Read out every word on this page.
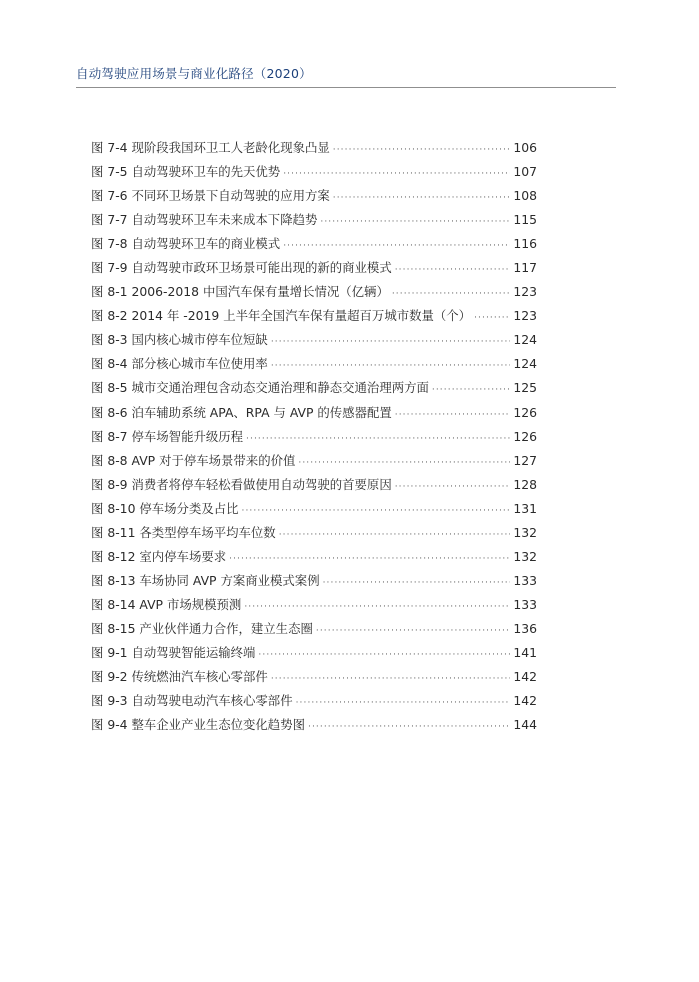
自动驾驶应用场景与商业化路径（2020）
图 7-4 现阶段我国环卫工人老龄化现象凸显 ·····	106
图 7-5 自动驾驶环卫车的先天优势 ·····	107
图 7-6 不同环卫场景下自动驾驶的应用方案 ·····	108
图 7-7 自动驾驶环卫车未来成本下降趋势 ·····	115
图 7-8 自动驾驶环卫车的商业模式 ·····	116
图 7-9 自动驾驶市政环卫场景可能出现的新的商业模式 ·····	117
图 8-1 2006-2018 中国汽车保有量增长情况（亿辆） ·····	123
图 8-2 2014 年 -2019 上半年全国汽车保有量超百万城市数量（个） ·····	123
图 8-3 国内核心城市停车位短缺 ·····	124
图 8-4 部分核心城市车位使用率 ·····	124
图 8-5 城市交通治理包含动态交通治理和静态交通治理两方面 ·····	125
图 8-6 泊车辅助系统 APA、RPA 与 AVP 的传感器配置 ·····	126
图 8-7 停车场智能升级历程 ·····	126
图 8-8 AVP 对于停车场景带来的价值 ·····	127
图 8-9 消费者将停车轻松看做使用自动驾驶的首要原因 ·····	128
图 8-10 停车场分类及占比 ·····	131
图 8-11 各类型停车场平均车位数 ·····	132
图 8-12 室内停车场要求 ·····	132
图 8-13 车场协同 AVP 方案商业模式案例 ·····	133
图 8-14 AVP 市场规模预测 ·····	133
图 8-15 产业伙伴通力合作，建立生态圈 ·····	136
图 9-1 自动驾驶智能运输终端 ·····	141
图 9-2 传统燃油汽车核心零部件 ·····	142
图 9-3 自动驾驶电动汽车核心零部件 ·····	142
图 9-4 整车企业产业生态位变化趋势图 ·····	144
